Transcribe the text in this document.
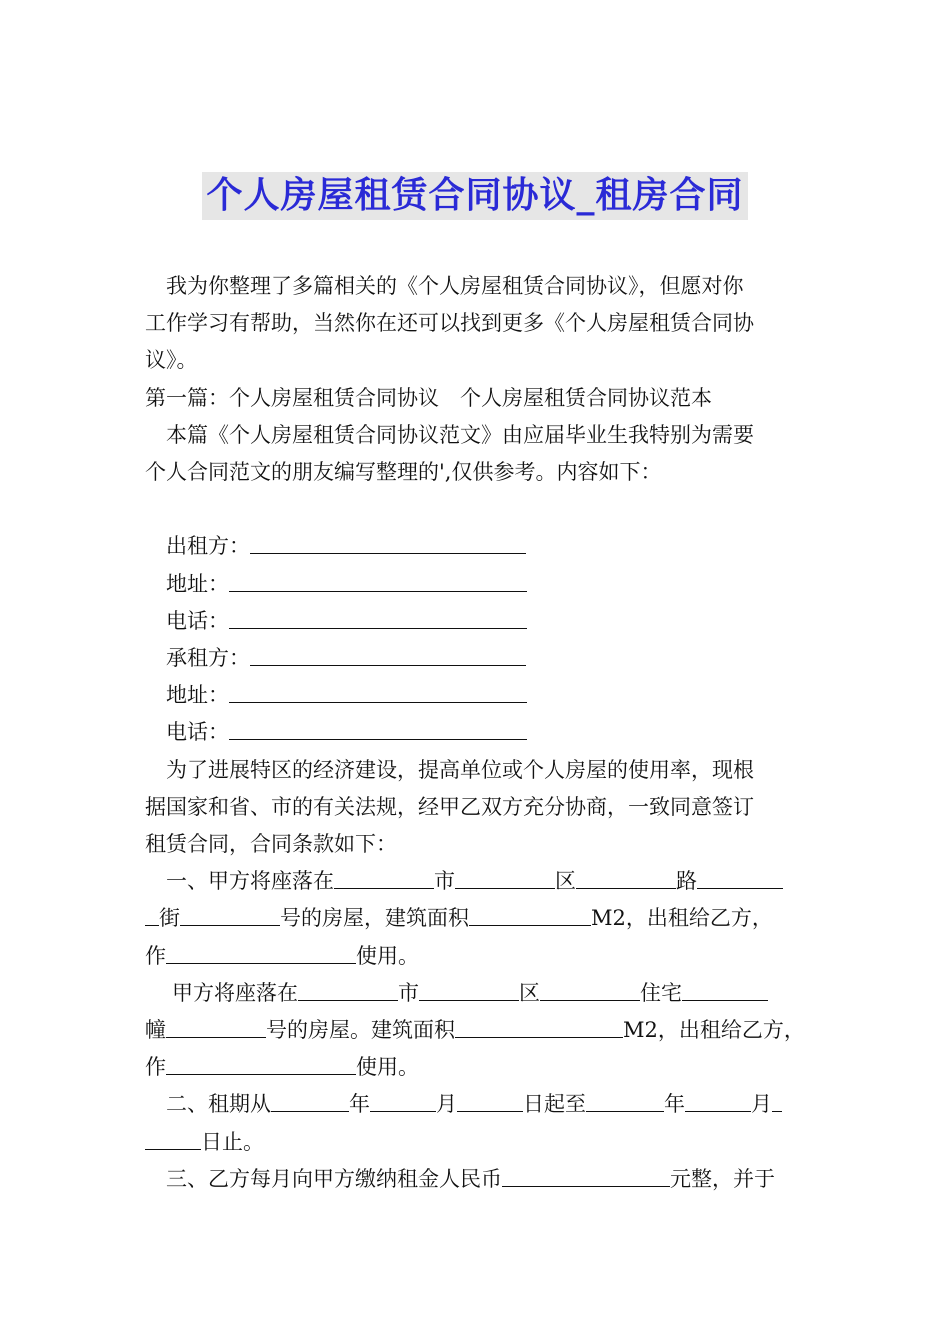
个人房屋租赁合同协议_租房合同

我为你整理了多篇相关的《个人房屋租赁合同协议》，但愿对你

工作学习有帮助，当然你在还可以找到更多《个人房屋租赁合同协

议》。

第一篇：个人房屋租赁合同协议　个人房屋租赁合同协议范本

本篇《个人房屋租赁合同协议范文》由应届毕业生我特别为需要

个人合同范文的朋友编写整理的',仅供参考。内容如下：

出租方：
地址：
电话：
承租方：
地址：
电话：

为了进展特区的经济建设，提高单位或个人房屋的使用率，现根

据国家和省、市的有关法规，经甲乙双方充分协商，一致同意签订

租赁合同，合同条款如下：

一、甲方将座落在	市	区	路

街	号的房屋，建筑面积	M2，出租给乙方，

作	使用。

甲方将座落在	市	区	住宅

幢	号的房屋。建筑面积	M2，出租给乙方，

作	使用。

二、租期从	年	月	日起至	年	月

日止。

三、乙方每月向甲方缴纳租金人民币	元整，并于
